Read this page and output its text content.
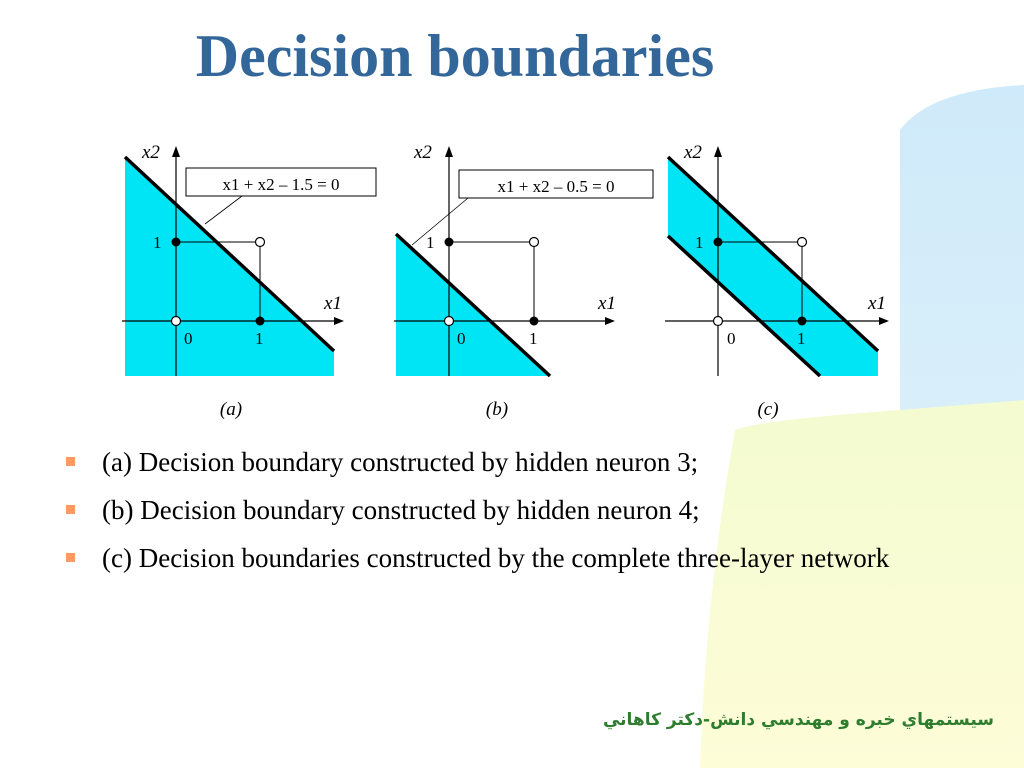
Decision boundaries
x1 + x2 – 1.5 = 0
x2
x1
0
1
1
(a)
x1 + x2 – 0.5 = 0
x2
x1
0
1
1
(b)
x2
x1
0
1
1
(c)
(a) Decision boundary constructed by hidden neuron 3;
(b) Decision boundary constructed by hidden neuron 4;
(c) Decision boundaries constructed by the complete three-layer network
سيستمهاي خبره و مهندسي دانش-دكتر كاهاني
